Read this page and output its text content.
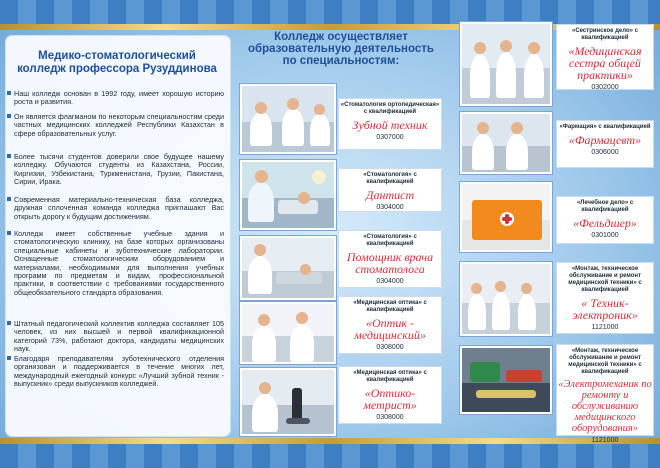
Медико-стоматологический колледж профессора Рузуддинова
Наш колледж основан в 1992 году, имеет хорошую историю роста и развития.
Он является флагманом по некоторым специальностям среди частных медицинских колледжей Республики Казахстан в сфере образовательных услуг.
Более тысячи студентов доверили свое будущее нашему колледжу. Обучаются студенты из Казахстана, России, Киргизии, Узбекистана, Туркменистана, Грузии, Пакистана, Сирии, Ирака.
Современная материально-техническая база колледжа, дружная сплоченная команда колледжа приглашают Вас открыть дорогу к будущим достижениям.
Колледж имеет собственные учебные здания и стоматологическую клинику, на базе которых организованы специальные кабинеты и зуботехнические лаборатории. Оснащенные стоматологическим оборудованием и материалами, необходимыми для выполнения учебных программ по предметам и видам, профессиональной практики, в соответствии с требованиями государственного общеобязательного стандарта образования.
Штатный педагогический коллектив колледжа составляет 105 человек, из них высшей и первой квалификационной категорий 73%, работают доктора, кандидаты медицинских наук.
Благодаря преподавателям зуботехнического отделения организован и поддерживается в течение многих лет, международный ежегодный конкурс «Лучший зубной техник - выпускник» среди выпускников колледжей.
Колледж осуществляет образовательную деятельность по специальностям:
«Стоматология ортопедическая» с квалификацией
Зубной техник
0307000
«Стоматология» с квалификацией
Дантист
0304000
«Стоматология» с квалификацией
Помощник врача стоматолога
0304000
«Медицинская оптика» с квалификацией
«Оптик - медицинский»
0308000
«Медицинская оптика» с квалификацией
«Оптико- метрист»
0308000
«Сестринское дело» с квалификацией
«Медицинская сестра общей практики»
0302000
«Фармация» с квалификацией
«Фармацевт»
0306000
«Лечебное дело» с квалификацией
«Фельдшер»
0301000
«Монтаж, техническое обслуживание и ремонт медицинской техники» с квалификацией
« Техник- электроник»
1121000
«Монтаж, техническое обслуживание и ремонт медицинской техники» с квалификацией
«Электромеханик по ремонту и обслуживанию медицинского оборудования»
1121000
